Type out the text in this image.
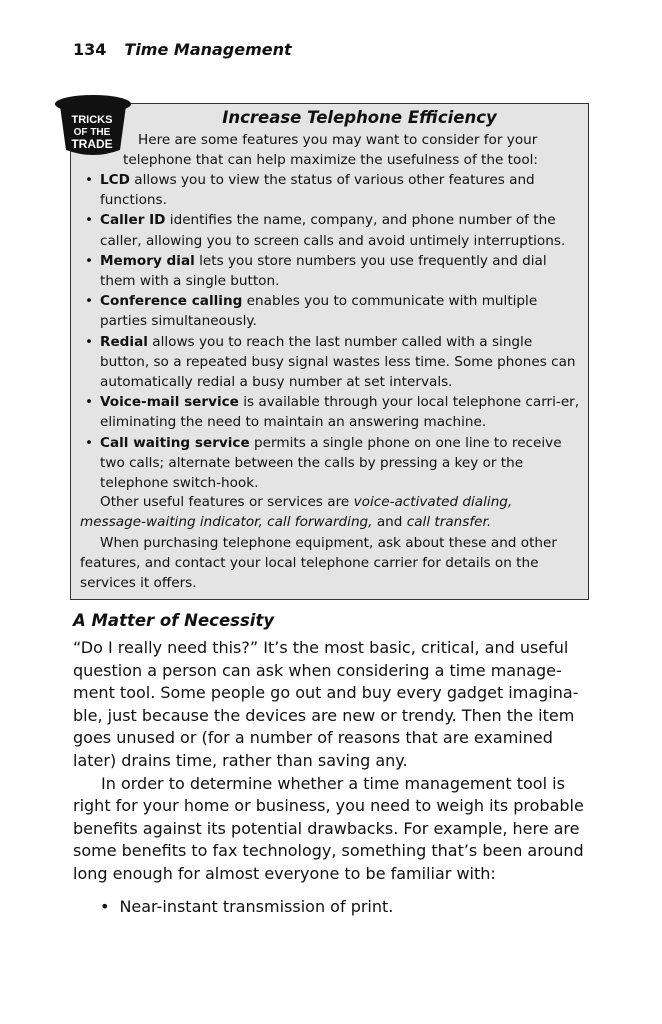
134 Time Management
Increase Telephone Efficiency
Here are some features you may want to consider for your
telephone that can help maximize the usefulness of the tool:
• LCD allows you to view the status of various other features and functions.
• Caller ID identifies the name, company, and phone number of the caller, allowing you to screen calls and avoid untimely interruptions.
• Memory dial lets you store numbers you use frequently and dial them with a single button.
• Conference calling enables you to communicate with multiple parties simultaneously.
• Redial allows you to reach the last number called with a single button, so a repeated busy signal wastes less time. Some phones can automatically redial a busy number at set intervals.
• Voice-mail service is available through your local telephone carri-er, eliminating the need to maintain an answering machine.
• Call waiting service permits a single phone on one line to receive two calls; alternate between the calls by pressing a key or the telephone switch-hook.
Other useful features or services are voice-activated dialing, message-waiting indicator, call forwarding, and call transfer.
When purchasing telephone equipment, ask about these and other features, and contact your local telephone carrier for details on the services it offers.
TRICKS
OF THE
TRADE
A Matter of Necessity

“Do I really need this?” It’s the most basic, critical, and useful question a person can ask when considering a time manage-ment tool. Some people go out and buy every gadget imagina-ble, just because the devices are new or trendy. Then the item goes unused or (for a number of reasons that are examined later) drains time, rather than saving any.

In order to determine whether a time management tool is right for your home or business, you need to weigh its probable benefits against its potential drawbacks. For example, here are some benefits to fax technology, something that’s been around long enough for almost everyone to be familiar with:

• Near-instant transmission of print.
